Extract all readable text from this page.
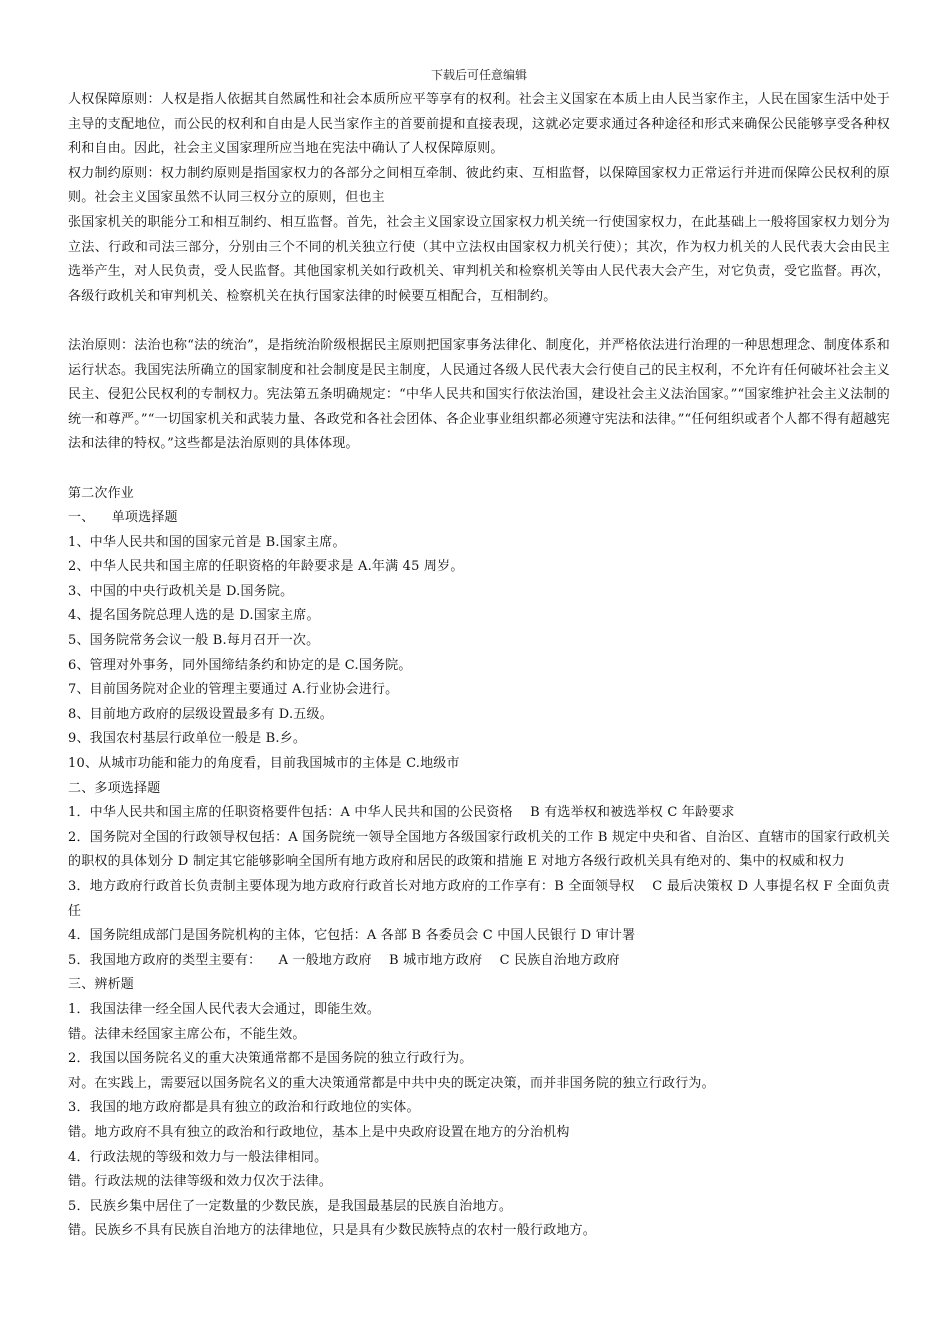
下载后可任意编辑

人权保障原则：人权是指人依据其自然属性和社会本质所应平等享有的权利。社会主义国家在本质上由人民当家作主，人民在国家生活中处于主导的支配地位，而公民的权利和自由是人民当家作主的首要前提和直接表现，这就必定要求通过各种途径和形式来确保公民能够享受各种权利和自由。因此，社会主义国家理所应当地在宪法中确认了人权保障原则。

权力制约原则：权力制约原则是指国家权力的各部分之间相互牵制、彼此约束、互相监督，以保障国家权力正常运行并进而保障公民权利的原则。社会主义国家虽然不认同三权分立的原则，但也主

张国家机关的职能分工和相互制约、相互监督。首先，社会主义国家设立国家权力机关统一行使国家权力，在此基础上一般将国家权力划分为立法、行政和司法三部分，分别由三个不同的机关独立行使（其中立法权由国家权力机关行使）；其次，作为权力机关的人民代表大会由民主选举产生，对人民负责，受人民监督。其他国家机关如行政机关、审判机关和检察机关等由人民代表大会产生，对它负责，受它监督。再次，各级行政机关和审判机关、检察机关在执行国家法律的时候要互相配合，互相制约。

法治原则：法治也称“法的统治”，是指统治阶级根据民主原则把国家事务法律化、制度化，并严格依法进行治理的一种思想理念、制度体系和运行状态。我国宪法所确立的国家制度和社会制度是民主制度，人民通过各级人民代表大会行使自己的民主权利，不允许有任何破坏社会主义民主、侵犯公民权利的专制权力。宪法第五条明确规定：“中华人民共和国实行依法治国，建设社会主义法治国家。”“国家维护社会主义法制的统一和尊严。”“一切国家机关和武装力量、各政党和各社会团体、各企业事业组织都必须遵守宪法和法律。”“任何组织或者个人都不得有超越宪法和法律的特权。”这些都是法治原则的具体体现。

第二次作业

一、    单项选择题

1、中华人民共和国的国家元首是 B.国家主席。

2、中华人民共和国主席的任职资格的年龄要求是 A.年满 45 周岁。

3、中国的中央行政机关是 D.国务院。

4、提名国务院总理人选的是 D.国家主席。

5、国务院常务会议一般 B.每月召开一次。

6、管理对外事务，同外国缔结条约和协定的是 C.国务院。

7、目前国务院对企业的管理主要通过 A.行业协会进行。

8、目前地方政府的层级设置最多有 D.五级。

9、我国农村基层行政单位一般是 B.乡。

10、从城市功能和能力的角度看，目前我国城市的主体是 C.地级市

二、多项选择题

1．中华人民共和国主席的任职资格要件包括：A 中华人民共和国的公民资格    B 有选举权和被选举权 C 年龄要求

2．国务院对全国的行政领导权包括：A 国务院统一领导全国地方各级国家行政机关的工作 B 规定中央和省、自治区、直辖市的国家行政机关的职权的具体划分 D 制定其它能够影响全国所有地方政府和居民的政策和措施 E 对地方各级行政机关具有绝对的、集中的权威和权力

3．地方政府行政首长负责制主要体现为地方政府行政首长对地方政府的工作享有：B 全面领导权    C 最后决策权 D 人事提名权 F 全面负责任

4．国务院组成部门是国务院机构的主体，它包括：A 各部 B 各委员会 C 中国人民银行 D 审计署

5．我国地方政府的类型主要有：    A 一般地方政府    B 城市地方政府    C 民族自治地方政府

三、辨析题

1．我国法律一经全国人民代表大会通过，即能生效。

错。法律未经国家主席公布，不能生效。

2．我国以国务院名义的重大决策通常都不是国务院的独立行政行为。

对。在实践上，需要冠以国务院名义的重大决策通常都是中共中央的既定决策，而并非国务院的独立行政行为。

3．我国的地方政府都是具有独立的政治和行政地位的实体。

错。地方政府不具有独立的政治和行政地位，基本上是中央政府设置在地方的分治机构

4．行政法规的等级和效力与一般法律相同。

错。行政法规的法律等级和效力仅次于法律。

5．民族乡集中居住了一定数量的少数民族，是我国最基层的民族自治地方。

错。民族乡不具有民族自治地方的法律地位，只是具有少数民族特点的农村一般行政地方。
